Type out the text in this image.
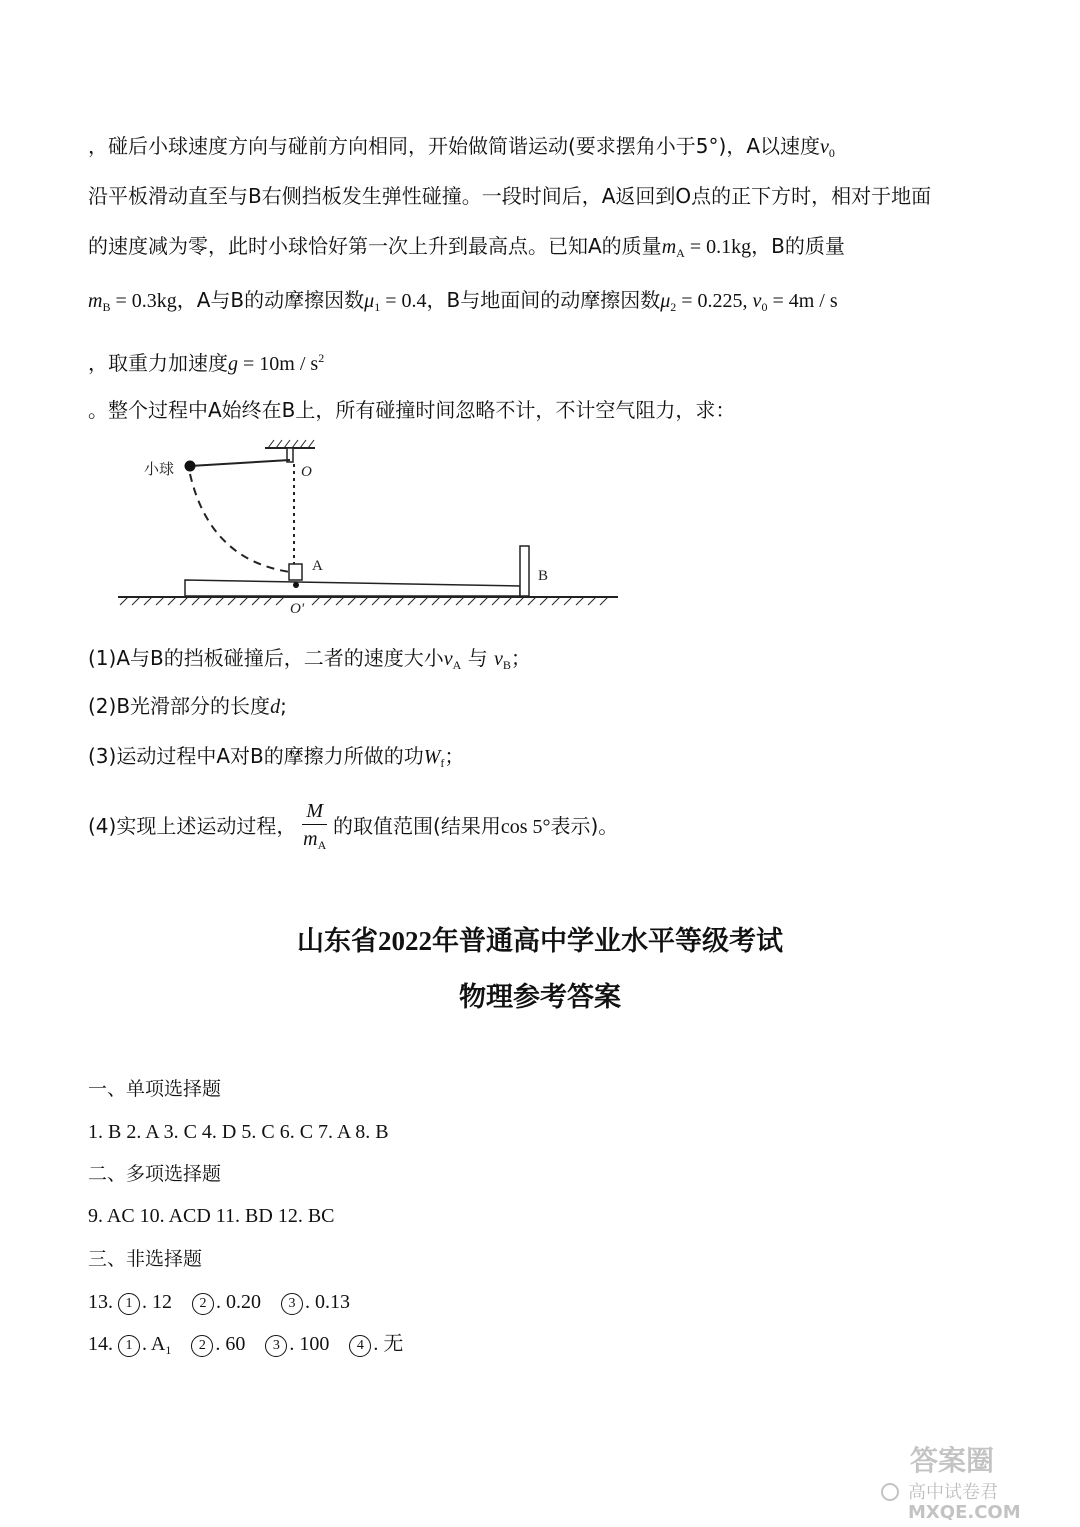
，碰后小球速度方向与碰前方向相同，开始做简谐运动(要求摆角小于5°)，A以速度$v_0$
沿平板滑动直至与B右侧挡板发生弹性碰撞。一段时间后，A返回到O点的正下方时，相对于地面
的速度减为零，此时小球恰好第一次上升到最高点。已知A的质量$m_A = 0.1kg$，B的质量
$m_B = 0.3kg$，A与B的动摩擦因数$\mu_1 = 0.4$，B与地面间的动摩擦因数$\mu_2 = 0.225$, $v_0 = 4m / s$
，取重力加速度$g = 10m / s^2$
。整个过程中A始终在B上，所有碰撞时间忽略不计，不计空气阻力，求：
小球	O
A
B
O'
(1)A与B的挡板碰撞后，二者的速度大小$v_A$ 与 $v_B$；
(2)B光滑部分的长度d;
(3)运动过程中A对B的摩擦力所做的功$W_f$；
(4)实现上述运动过程， $\frac{M}{m_A}$ 的取值范围(结果用cos 5°表示)。
山东省2022年普通高中学业水平等级考试
物理参考答案
一、单项选择题
1. B 2. A 3. C 4. D 5. C 6. C 7. A 8. B
二、多项选择题
9. AC 10. ACD 11. BD 12. BC
三、非选择题
13. 1 . 12 2 . 0.20 3 . 0.13
14. 1 . $A_1$ 2 . 60 3 . 100 4 . 无
答案圈
高中试卷君
MXQE.COM
